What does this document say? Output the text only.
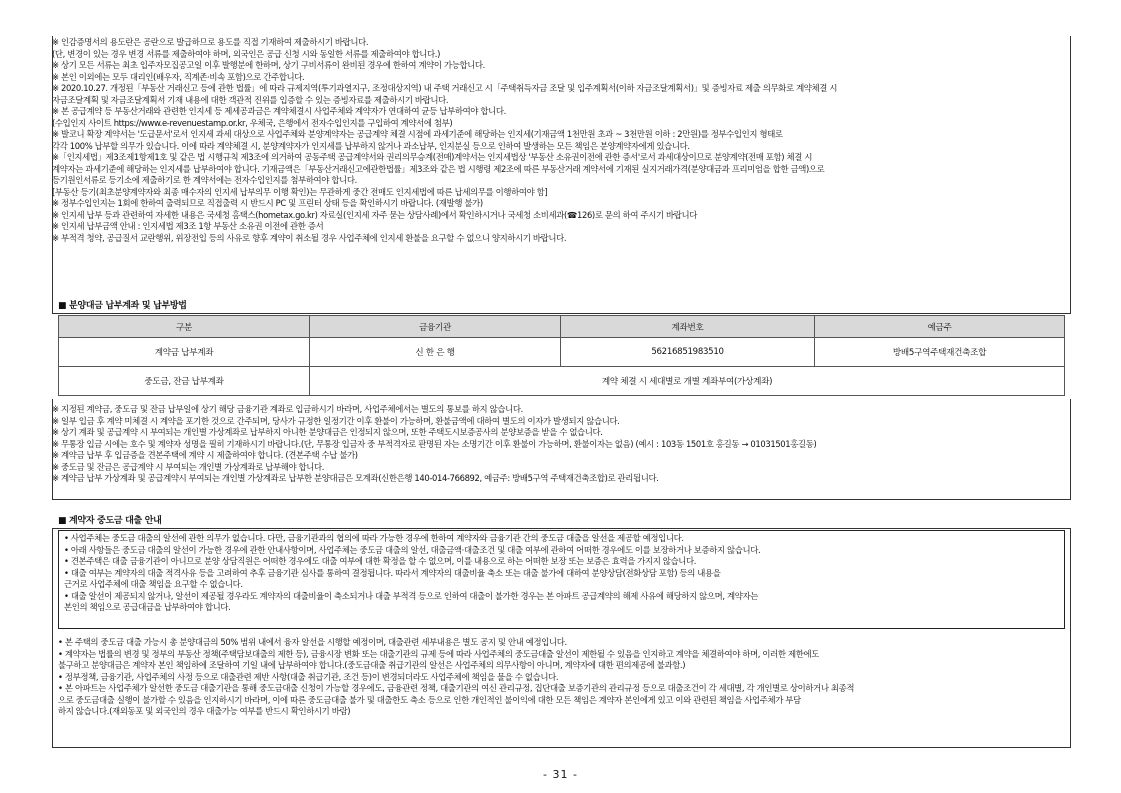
※ 인감증명서의 용도란은 공란으로 발급하므로 용도를 직접 기재하여 제출하시기 바랍니다.
(단, 변경이 있는 경우 변경 서류를 제출하여야 하며, 외국인은 공급 신청 시와 동일한 서류를 제출하여야 합니다.)
※ 상기 모든 서류는 최초 입주자모집공고일 이후 발행분에 한하며, 상기 구비서류이 완비된 경우에 한하여 계약이 가능합니다.
※ 본인 이외에는 모두 대리인(배우자, 직계존·비속 포함)으로 간주합니다.
※ 2020.10.27. 개정된「부동산 거래신고 등에 관한 법률」에 따라 규제지역(투기과열지구, 조정대상지역) 내 주택 거래신고 시「주택취득자금 조달 및 입주계획서(이하 자금조달계획서)」및 증빙자료 제출 의무화로 계약체결 시
자금조달계획 및 자금조달계획서 기재 내용에 대한 객관적 진위를 입증할 수 있는 증빙자료를 제출하시기 바랍니다.
※ 본 공급계약 등 부동산거래와 관련한 인지세 등 제세공과금은 계약체결시 사업주체와 계약자가 연대하여 균등 납부하여야 합니다.
(수입인지 사이트 https://www.e-revenuestamp.or.kr, 우체국, 은행에서 전자수입인지를 구입하여 계약서에 첨부)
※ 발코니 확장 계약서는 '도급문서'로서 인지세 과세 대상으로 사업주체와 분양계약자는 공급계약 체결 시점에 과세기준에 해당하는 인지세(기재금액 1천만원 초과 ~ 3천만원 이하 : 2만원)를 정부수입인지 형태로
각각 100% 납부할 의무가 있습니다. 이에 따라 계약체결 시, 분양계약자가 인지세를 납부하지 않거나 과소납부, 인지분실 등으로 인하여 발생하는 모든 책임은 분양계약자에게 있습니다.
※「인지세법」제3조제1항제1호 및 같은 법 시행규칙 제3조에 의거하여 공동주택 공급계약서와 권리의무승계(전매)계약서는 인지세법상 '부동산 소유권이전에 관한 증서'로서 과세대상이므로 분양계약(전매 포함) 체결 시
계약자는 과세기준에 해당하는 인지세를 납부하여야 합니다. 기재금액은「부동산거래신고에관한법률」제3조와 같은 법 시행령 제2조에 따른 부동산거래 계약서에 기재된 실지거래가격(분양대금과 프리미엄을 합한 금액)으로
등기원인서류로 등기소에 제출하기로 한 계약서에는 전자수입인지를 첨부하여야 합니다.
[부동산 등기(최초분양계약자와 최종 매수자의 인지세 납부의무 이행 확인)는 무관하게 중간 전매도 인지세법에 따른 납세의무를 이행하여야 함]
※ 정부수입인지는 1회에 한하여 출력되므로 직접출력 시 반드시 PC 및 프린터 상태 등을 확인하시기 바랍니다. (재발행 불가)
※ 인지세 납부 등과 관련하여 자세한 내용은 국세청 홈택스(hometax.go.kr) 자료실(인지세 자주 묻는 상담사례)에서 확인하시거나 국세청 소비세과(☎126)로 문의 하여 주시기 바랍니다
※ 인지세 납부금액 안내 : 인지세법 제3조 1항 부동산 소유권 이전에 관한 증서
※ 부적격 청약, 공급질서 교란행위, 위장전입 등의 사유로 향후 계약이 취소될 경우 사업주체에 인지세 환불을 요구할 수 없으니 양지하시기 바랍니다.
■ 분양대금 납부계좌 및 납부방법
구분	금융기관	계좌번호	예금주
계약금 납부계좌	신 한 은 행	56216851983510	방배5구역주택재건축조합
중도금, 잔금 납부계좌	계약 체결 시 세대별로 개별 계좌부여(가상계좌)		
※ 지정된 계약금, 중도금 및 잔금 납부일에 상기 해당 금융기관 계좌로 입금하시기 바라며, 사업주체에서는 별도의 통보를 하지 않습니다.
※ 일부 입금 후 계약 미체결 시 계약을 포기한 것으로 간주되며, 당사가 규정한 일정기간 이후 환불이 가능하며, 환불금액에 대하여 별도의 이자가 발생되지 않습니다.
※ 상기 계좌 및 공급계약 시 부여되는 개인별 가상계좌로 납부하지 아니한 분양대금은 인정되지 않으며, 또한 주택도시보증공사의 분양보증을 받을 수 없습니다.
※ 무통장 입금 시에는 호수 및 계약자 성명을 필히 기재하시기 바랍니다.(단, 무통장 입금자 중 부적격자로 판명된 자는 소명기간 이후 환불이 가능하며, 환불이자는 없음) (예시 : 103동 1501호 홍길동 → 01031501홍길동)
※ 계약금 납부 후 입금증을 견본주택에 계약 시 제출하여야 합니다. (견본주택 수납 불가)
※ 중도금 및 잔금은 공급계약 시 부여되는 개인별 가상계좌로 납부해야 합니다.
※ 계약금 납부 가상계좌 및 공급계약시 부여되는 개인별 가상계좌로 납부한 분양대금은 모계좌(신한은행 140-014-766892, 예금주: 방배5구역 주택재건축조합)로 관리됩니다.
■ 계약자 중도금 대출 안내
• 사업주체는 중도금 대출의 알선에 관한 의무가 없습니다. 다만, 금융기관과의 협의에 따라 가능한 경우에 한하여 계약자와 금융기관 간의 중도금 대출을 알선을 제공할 예정입니다.
• 아래 사항들은 중도금 대출의 알선이 가능한 경우에 관한 안내사항이며, 사업주체는 중도금 대출의 알선, 대출금액·대출조건 및 대출 여부에 관하여 어떠한 경우에도 이를 보장하거나 보증하지 않습니다.
• 견본주택은 대출 금융기관이 아니므로 분양 상담직원은 어떠한 경우에도 대출 여부에 대한 확정을 할 수 없으며, 이를 내용으로 하는 어떠한 보장 또는 보증은 효력을 가지지 않습니다.
• 대출 여부는 계약자의 대출 적격사유 등을 고려하여 추후 금융기관 심사를 통하여 결정됩니다. 따라서 계약자의 대출비율 축소 또는 대출 불가에 대하여 분양상담(전화상담 포함) 등의 내용을
근거로 사업주체에 대출 책임을 요구할 수 없습니다.
• 대출 알선이 제공되지 않거나, 알선이 제공될 경우라도 계약자의 대출비율이 축소되거나 대출 부적격 등으로 인하여 대출이 불가한 경우는 본 아파트 공급계약의 해제 사유에 해당하지 않으며, 계약자는
본인의 책임으로 공급대금을 납부하여야 합니다.
• 본 주택의 중도금 대출 가능시 총 분양대금의 50% 범위 내에서 융자 알선을 시행할 예정이며, 대출관련 세부내용은 별도 공지 및 안내 예정입니다.
• 계약자는 법률의 변경 및 정부의 부동산 정책(주택담보대출의 제한 등), 금융시장 변화 또는 대출기관의 규제 등에 따라 사업주체의 중도금대출 알선이 제한될 수 있음을 인지하고 계약을 체결하여야 하며, 이러한 제한에도
불구하고 분양대금은 계약자 본인 책임하에 조달하여 기일 내에 납부하여야 합니다.(중도금대출 취급기관의 알선은 사업주체의 의무사항이 아니며, 계약자에 대한 편의제공에 불과함.)
• 정부정책, 금융기관, 사업주체의 사정 등으로 대출관련 제반 사항(대출 취급기관, 조건 등)이 변경되더라도 사업주체에 책임을 물을 수 없습니다.
• 본 아파트는 사업주체가 알선한 중도금 대출기관을 통해 중도금대출 신청이 가능할 경우에도, 금융관련 정책, 대출기관의 여신 관리규정, 집단대출 보증기관의 관리규정 등으로 대출조건이 각 세대별, 각 개인별로 상이하거나 최종적
으로 중도금대출 실행이 불가할 수 있음을 인지하시기 바라며, 이에 따른 중도금대출 불가 및 대출한도 축소 등으로 인한 개인적인 불이익에 대한 모든 책임은 계약자 본인에게 있고 이와 관련된 책임을 사업주체가 부담
하지 않습니다.(재외동포 및 외국인의 경우 대출가능 여부를 반드시 확인하시기 바람)
- 31 -
